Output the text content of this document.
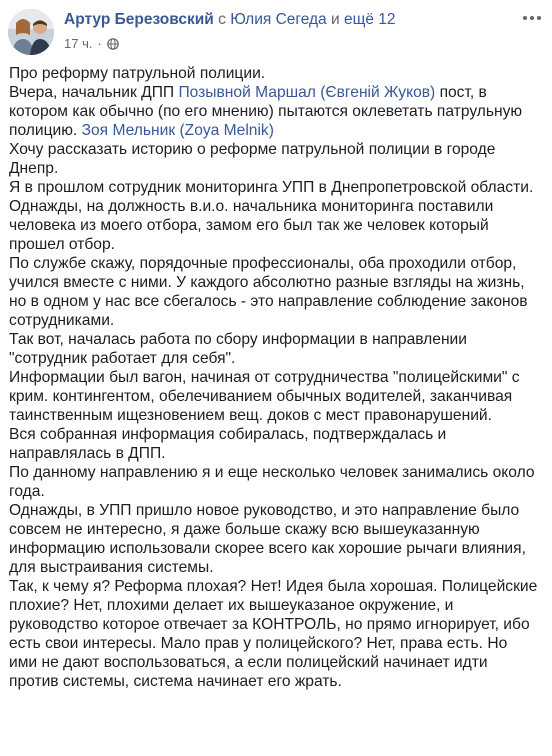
Артур Березовский с Юлия Сегеда и ещё 12
17 ч. ·

Про реформу патрульной полиции.

Вчера, начальник ДПП Позывной Маршал (Євгеній Жуков) пост, в

котором как обычно (по его мнению) пытаются оклеветать патрульную

полицию. Зоя Мельник (Zoya Melnik)

Хочу рассказать историю о реформе патрульной полиции в городе

Днепр.

Я в прошлом сотрудник мониторинга УПП в Днепропетровской области.

Однажды, на должность в.и.о. начальника мониторинга поставили

человека из моего отбора, замом его был так же человек который

прошел отбор.

По службе скажу, порядочные профессионалы, оба проходили отбор,

учился вместе с ними. У каждого абсолютно разные взгляды на жизнь,

но в одном у нас все сбегалось - это направление соблюдение законов

сотрудниками.

Так вот, началась работа по сбору информации в направлении

"сотрудник работает для себя".

Информации был вагон, начиная от сотрудничества "полицейскими" с

крим. контингентом, обелечиванием обычных водителей, заканчивая

таинственным ищезновением вещ. доков с мест правонарушений.

Вся собранная информация собиралась, подтверждалась и

направлялась в ДПП.

По данному направлению я и еще несколько человек занимались около

года.

Однажды, в УПП пришло новое руководство, и это направление было

совсем не интересно, я даже больше скажу всю вышеуказанную

информацию использовали скорее всего как хорошие рычаги влияния,

для выстраивания системы.

Так, к чему я? Реформа плохая? Нет! Идея была хорошая. Полицейские

плохие? Нет, плохими делает их вышеуказаное окружение, и

руководство которое отвечает за КОНТРОЛЬ, но прямо игнорирует, ибо

есть свои интересы. Мало прав у полицейского? Нет, права есть. Но

ими не дают воспользоваться, а если полицейский начинает идти

против системы, система начинает его жрать.
